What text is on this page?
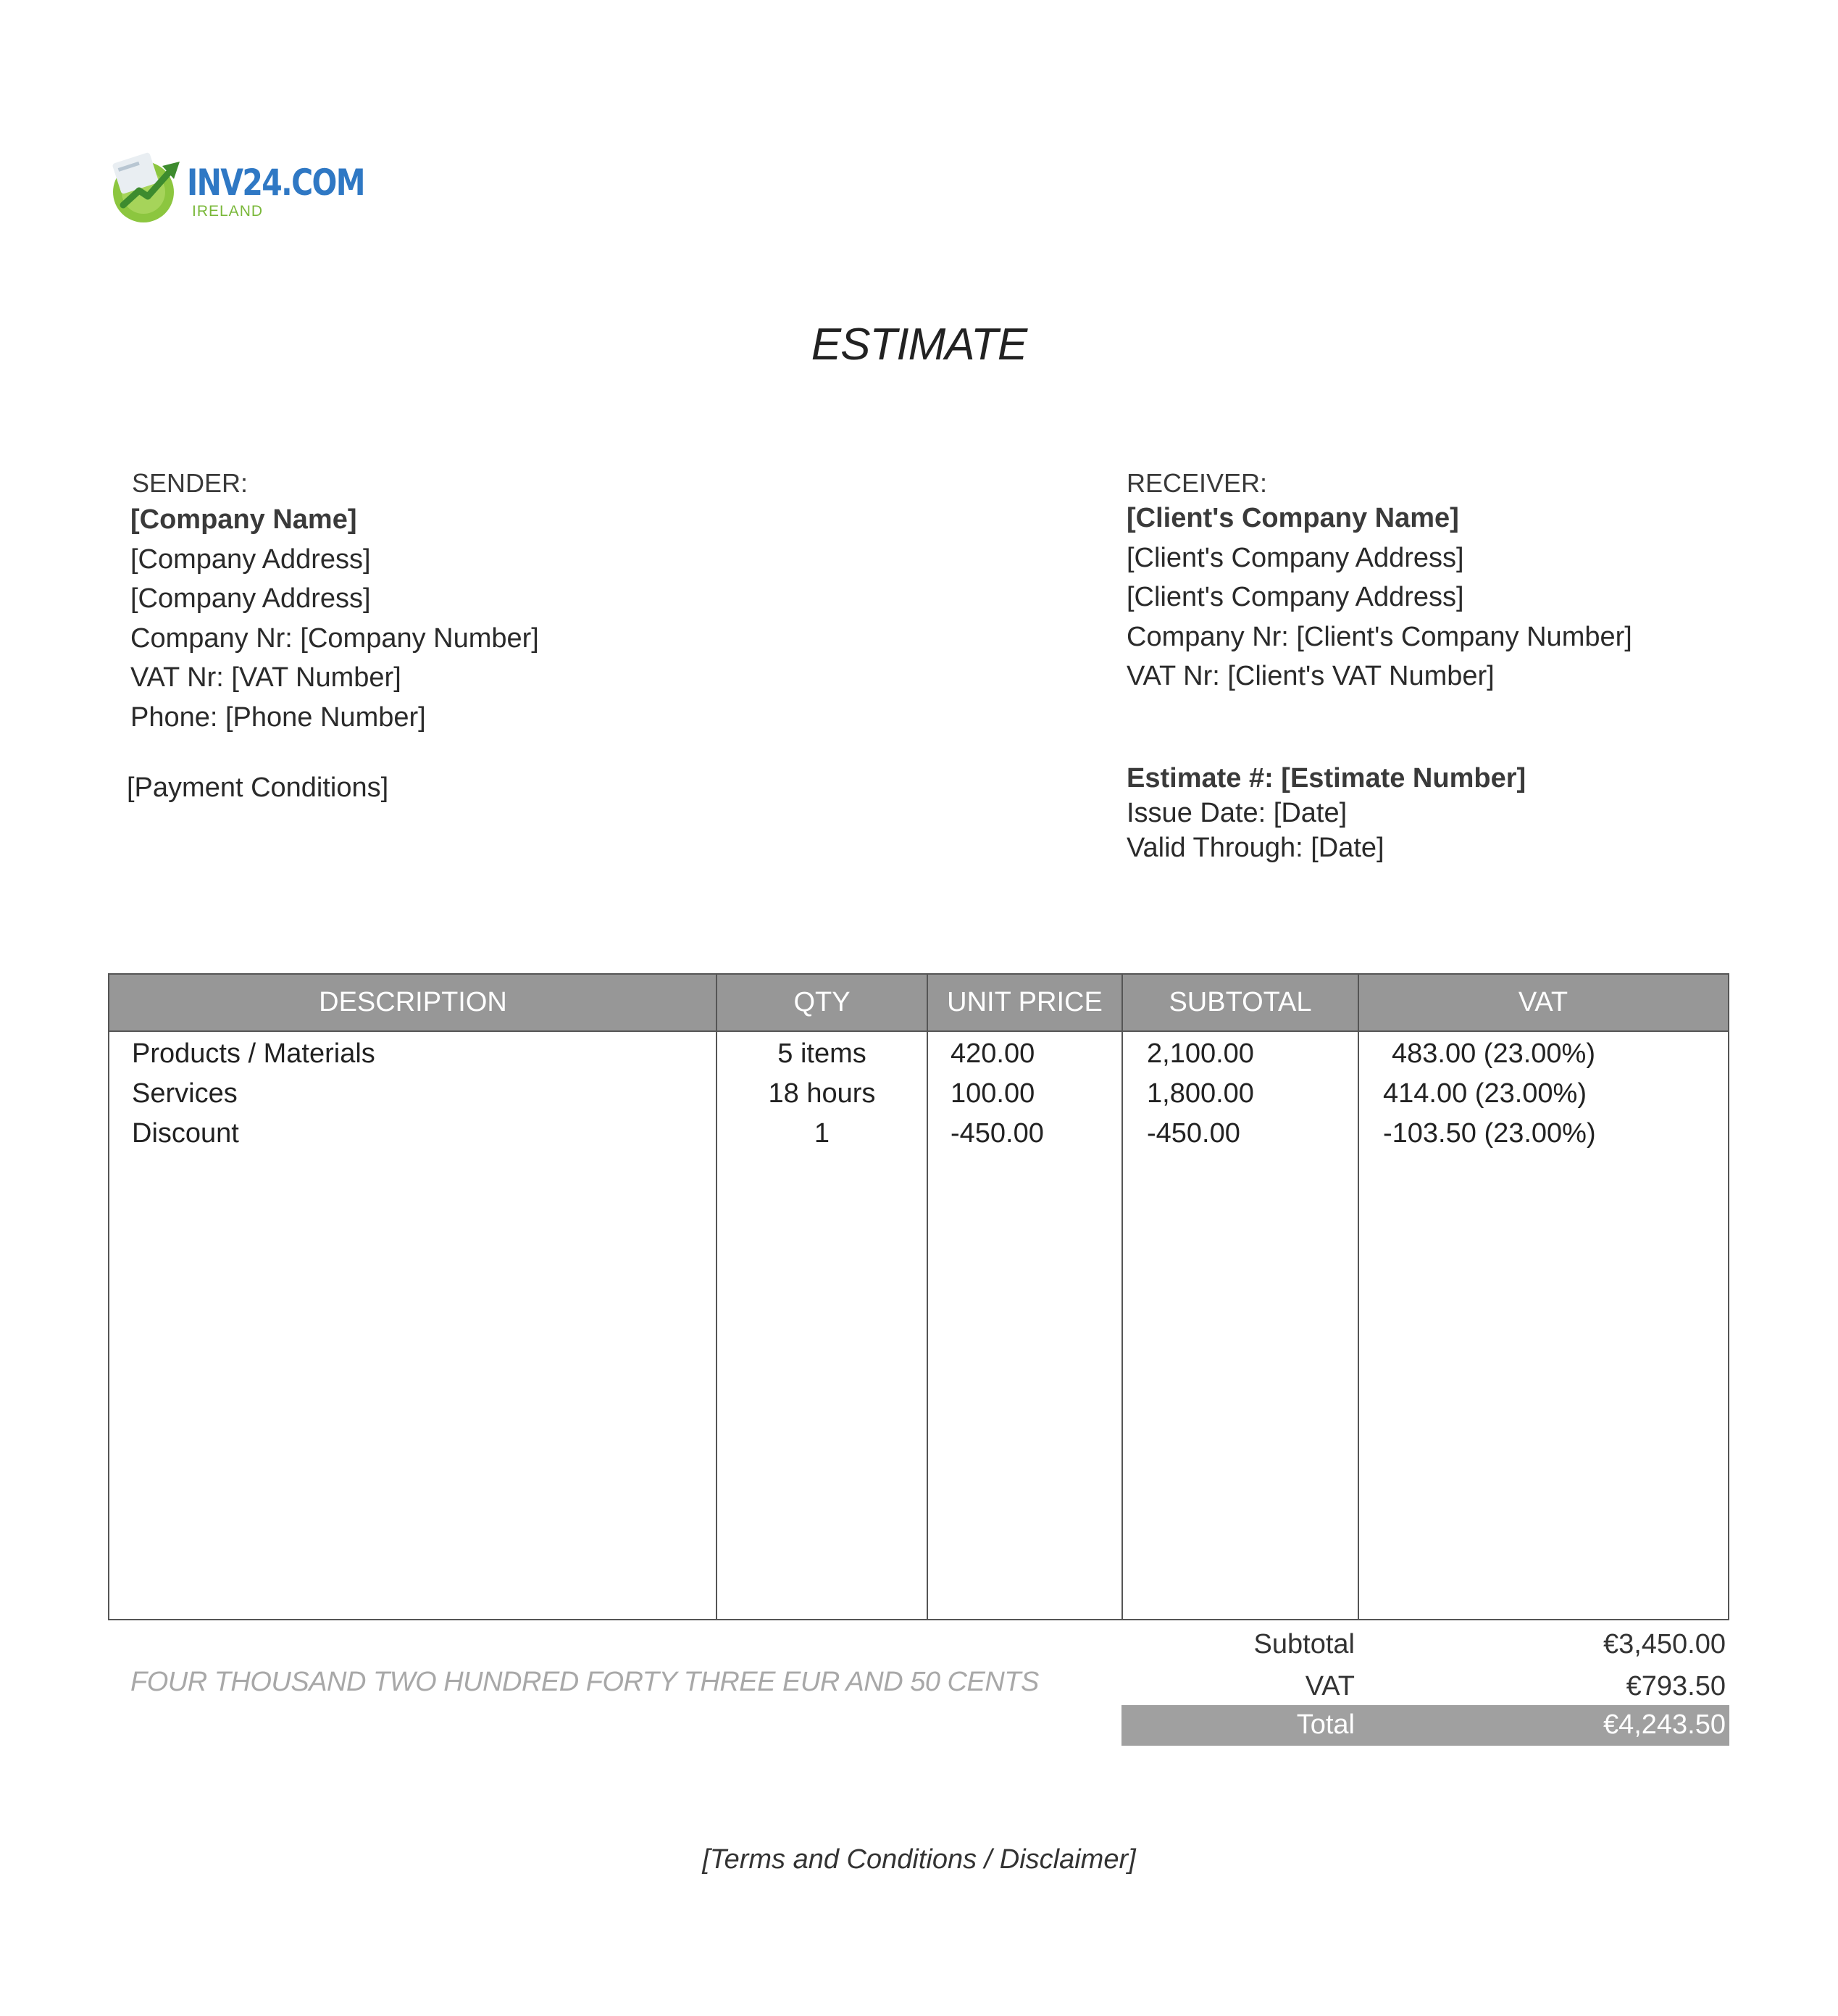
INV24.COM
IRELAND
ESTIMATE
SENDER:
[Company Name]
[Company Address]
[Company Address]
Company Nr: [Company Number]
VAT Nr: [VAT Number]
Phone: [Phone Number]
[Payment Conditions]
RECEIVER:
[Client's Company Name]
[Client's Company Address]
[Client's Company Address]
Company Nr: [Client's Company Number]
VAT Nr: [Client's VAT Number]
Estimate #: [Estimate Number]
Issue Date: [Date]
Valid Through: [Date]
DESCRIPTION	QTY	UNIT PRICE	SUBTOTAL	VAT
Products / Materials	5 items	420.00	2,100.00	483.00 (23.00%)
Services	18 hours	100.00	1,800.00	414.00 (23.00%)
Discount	1	-450.00	-450.00	-103.50 (23.00%)
FOUR THOUSAND TWO HUNDRED FORTY THREE EUR AND 50 CENTS
Subtotal	€3,450.00
VAT	€793.50
Total	€4,243.50
[Terms and Conditions / Disclaimer]
